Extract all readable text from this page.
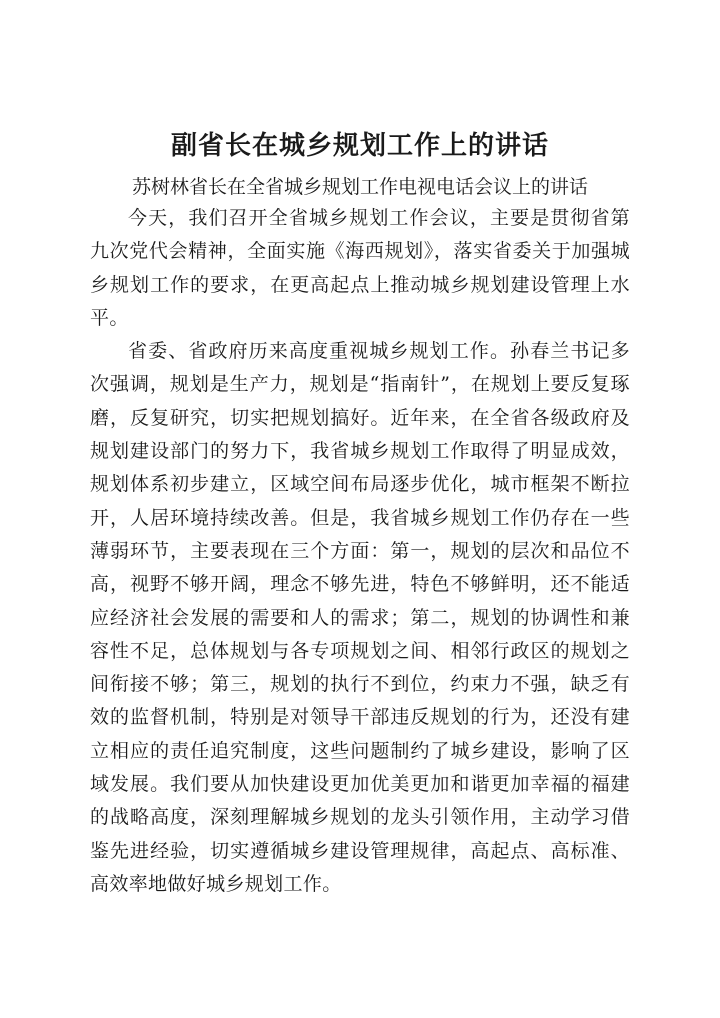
副省长在城乡规划工作上的讲话

苏树林省长在全省城乡规划工作电视电话会议上的讲话

今天，我们召开全省城乡规划工作会议，主要是贯彻省第九次党代会精神，全面实施《海西规划》，落实省委关于加强城乡规划工作的要求，在更高起点上推动城乡规划建设管理上水平。

省委、省政府历来高度重视城乡规划工作。孙春兰书记多次强调，规划是生产力，规划是“指南针”，在规划上要反复琢磨，反复研究，切实把规划搞好。近年来，在全省各级政府及规划建设部门的努力下，我省城乡规划工作取得了明显成效，规划体系初步建立，区域空间布局逐步优化，城市框架不断拉开，人居环境持续改善。但是，我省城乡规划工作仍存在一些薄弱环节，主要表现在三个方面：第一，规划的层次和品位不高，视野不够开阔，理念不够先进，特色不够鲜明，还不能适应经济社会发展的需要和人的需求；第二，规划的协调性和兼容性不足，总体规划与各专项规划之间、相邻行政区的规划之间衔接不够；第三，规划的执行不到位，约束力不强，缺乏有效的监督机制，特别是对领导干部违反规划的行为，还没有建立相应的责任追究制度，这些问题制约了城乡建设，影响了区域发展。我们要从加快建设更加优美更加和谐更加幸福的福建的战略高度，深刻理解城乡规划的龙头引领作用，主动学习借鉴先进经验，切实遵循城乡建设管理规律，高起点、高标准、高效率地做好城乡规划工作。
